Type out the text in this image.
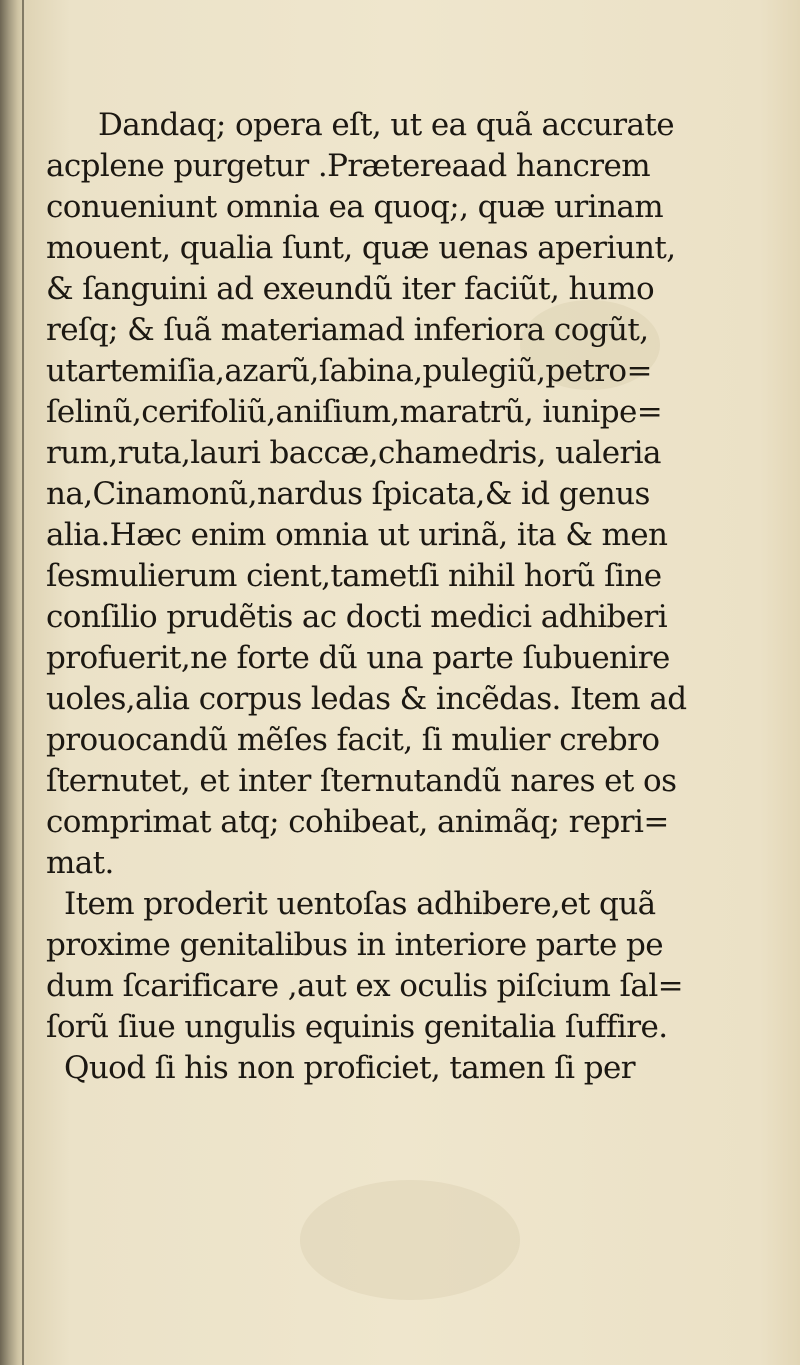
Dandaq; opera eſt, ut ea quã accurate
acplene purgetur .Prætereaad hancrem
conueniunt omnia ea quoq;, quæ urinam
mouent, qualia ſunt, quæ uenas aperiunt,
& ſanguini ad exeundũ iter faciũt, humo
reſq; & ſuã materiamad inferiora cogũt,
utartemiſia,azarũ,ſabina,pulegiũ,petro=
ſelinũ,cerifoliũ,aniſium,maratrũ, iunipe=
rum,ruta,lauri baccæ,chamedris, ualeria
na,Cinamonũ,nardus ſpicata,& id genus
alia.Hæc enim omnia ut urinã, ita & men
ſesmulierum cient,tametſi nihil horũ ſine
conſilio prudẽtis ac docti medici adhiberi
profuerit,ne forte dũ una parte ſubuenire
uoles,alia corpus ledas & incẽdas. Item ad
prouocandũ mẽſes facit, ſi mulier crebro
ſternutet, et inter ſternutandũ nares et os
comprimat atq; cohibeat, animãq; repri=
mat.
Item proderit uentoſas adhibere,et quã
proxime genitalibus in interiore parte pe
dum ſcarificare ,aut ex oculis piſcium ſal=
ſorũ ſiue ungulis equinis genitalia ſuffire.
Quod ſi his non proficiet, tamen ſi per
